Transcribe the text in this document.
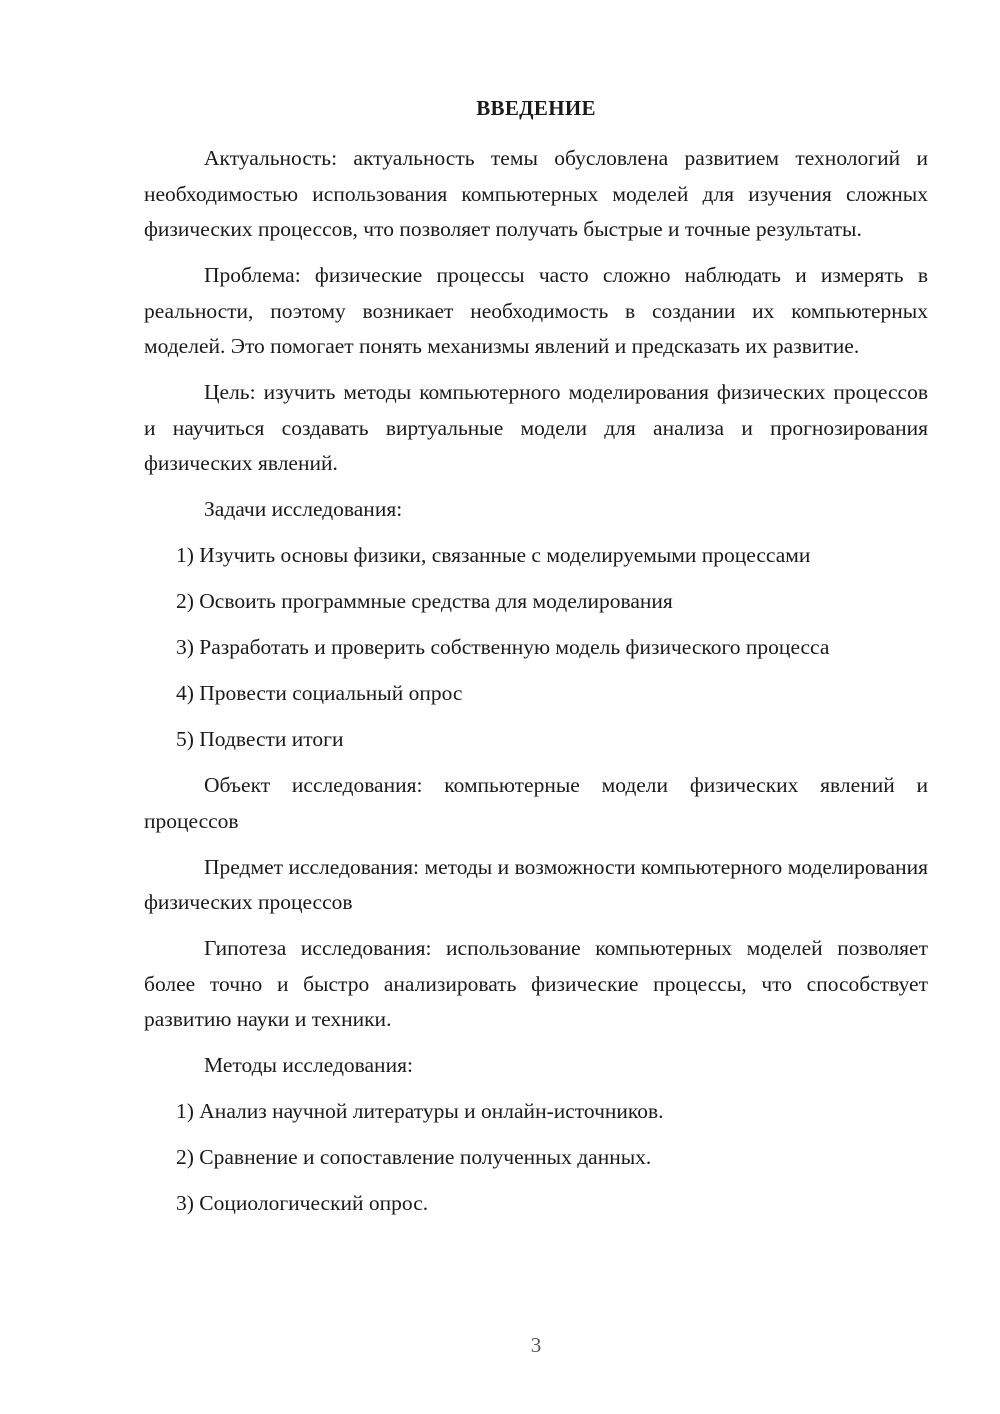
ВВЕДЕНИЕ

Актуальность: актуальность темы обусловлена развитием технологий и необходимостью использования компьютерных моделей для изучения сложных физических процессов, что позволяет получать быстрые и точные результаты.

Проблема: физические процессы часто сложно наблюдать и измерять в реальности, поэтому возникает необходимость в создании их компьютерных моделей. Это помогает понять механизмы явлений и предсказать их развитие.

Цель: изучить методы компьютерного моделирования физических процессов и научиться создавать виртуальные модели для анализа и прогнозирования физических явлений.

Задачи исследования:

1) Изучить основы физики, связанные с моделируемыми процессами

2) Освоить программные средства для моделирования

3) Разработать и проверить собственную модель физического процесса

4) Провести социальный опрос

5) Подвести итоги

Объект исследования: компьютерные модели физических явлений и процессов

Предмет исследования: методы и возможности компьютерного моделирования физических процессов

Гипотеза исследования: использование компьютерных моделей позволяет более точно и быстро анализировать физические процессы, что способствует развитию науки и техники.

Методы исследования:

1) Анализ научной литературы и онлайн-источников.

2) Сравнение и сопоставление полученных данных.

3) Социологический опрос.

3
